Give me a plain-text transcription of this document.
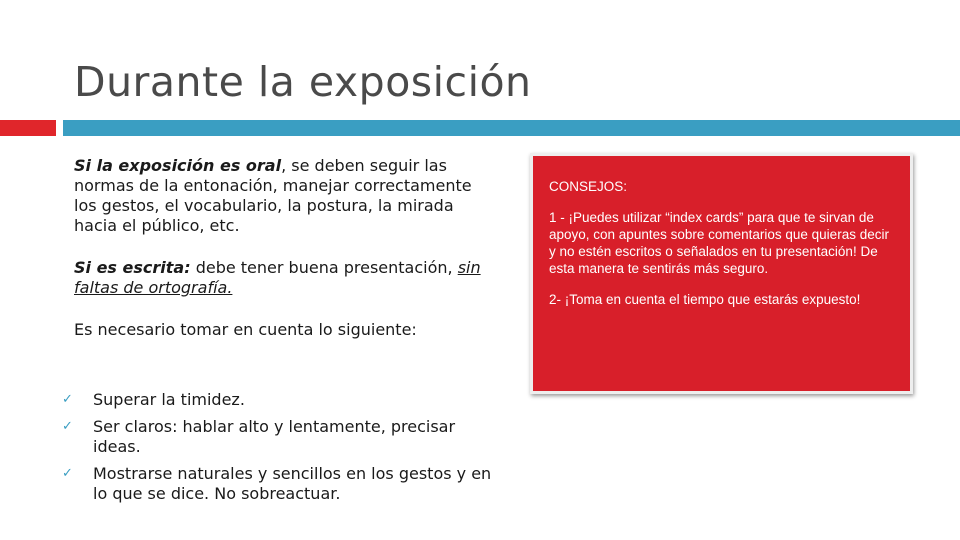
Durante la exposición

Si la exposición es oral, se deben seguir las normas de la entonación, manejar correctamente los gestos, el vocabulario, la postura, la mirada hacia el público, etc.

Si es escrita: debe tener buena presentación, sin faltas de ortografía.

Es necesario tomar en cuenta lo siguiente:

✓ Superar la timidez.
✓ Ser claros: hablar alto y lentamente, precisar ideas.
✓ Mostrarse naturales y sencillos en los gestos y en lo que se dice. No sobreactuar.

CONSEJOS:

1 - ¡Puedes utilizar “index cards” para que te sirvan de apoyo, con apuntes sobre comentarios que quieras decir y no estén escritos o señalados en tu presentación! De esta manera te sentirás más seguro.

2- ¡Toma en cuenta el tiempo que estarás expuesto!
